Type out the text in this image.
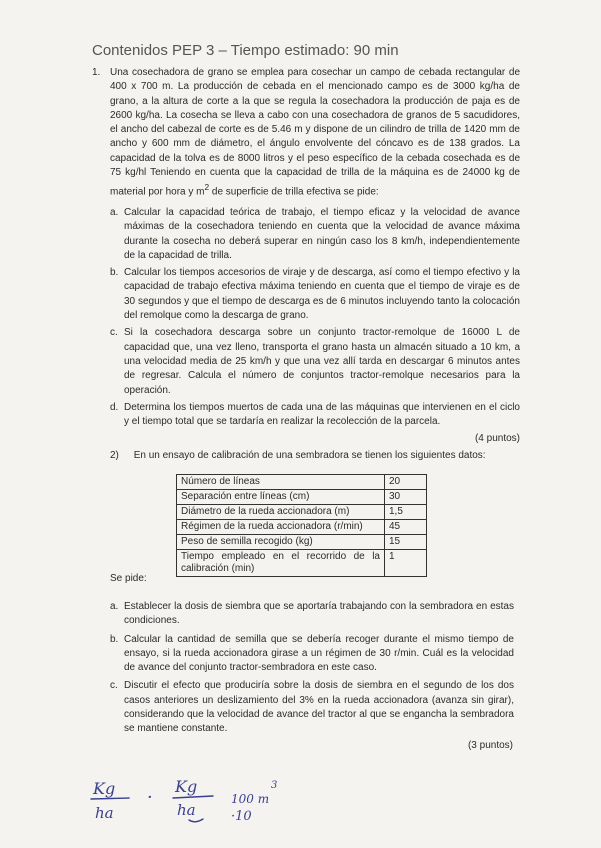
Contenidos PEP 3 – Tiempo estimado: 90 min
1. Una cosechadora de grano se emplea para cosechar un campo de cebada rectangular de 400 x 700 m. La producción de cebada en el mencionado campo es de 3000 kg/ha de grano, a la altura de corte a la que se regula la cosechadora la producción de paja es de 2600 kg/ha. La cosecha se lleva a cabo con una cosechadora de granos de 5 sacudidores, el ancho del cabezal de corte es de 5.46 m y dispone de un cilindro de trilla de 1420 mm de ancho y 600 mm de diámetro, el ángulo envolvente del cóncavo es de 138 grados. La capacidad de la tolva es de 8000 litros y el peso específico de la cebada cosechada es de 75 kg/hl Teniendo en cuenta que la capacidad de trilla de la máquina es de 24000 kg de material por hora y $m^2$ de superficie de trilla efectiva se pide:
a. Calcular la capacidad teórica de trabajo, el tiempo eficaz y la velocidad de avance máximas de la cosechadora teniendo en cuenta que la velocidad de avance máxima durante la cosecha no deberá superar en ningún caso los 8 km/h, independientemente de la capacidad de trilla.
b. Calcular los tiempos accesorios de viraje y de descarga, así como el tiempo efectivo y la capacidad de trabajo efectiva máxima teniendo en cuenta que el tiempo de viraje es de 30 segundos y que el tiempo de descarga es de 6 minutos incluyendo tanto la colocación del remolque como la descarga de grano.
c. Si la cosechadora descarga sobre un conjunto tractor-remolque de 16000 L de capacidad que, una vez lleno, transporta el grano hasta un almacén situado a 10 km, a una velocidad media de 25 km/h y que una vez allí tarda en descargar 6 minutos antes de regresar. Calcula el número de conjuntos tractor-remolque necesarios para la operación.
d. Determina los tiempos muertos de cada una de las máquinas que intervienen en el ciclo y el tiempo total que se tardaría en realizar la recolección de la parcela.
(4 puntos)
2) En un ensayo de calibración de una sembradora se tienen los siguientes datos:
Número de líneas	20
Separación entre líneas (cm)	30
Diámetro de la rueda accionadora (m)	1,5
Régimen de la rueda accionadora (r/min)	45
Peso de semilla recogido (kg)	15
Tiempo empleado en el recorrido de la calibración (min)	1
Se pide:
a. Establecer la dosis de siembra que se aportaría trabajando con la sembradora en estas condiciones.
b. Calcular la cantidad de semilla que se debería recoger durante el mismo tiempo de ensayo, si la rueda accionadora girase a un régimen de 30 r/min. Cuál es la velocidad de avance del conjunto tractor-sembradora en este caso.
c. Discutir el efecto que produciría sobre la dosis de siembra en el segundo de los dos casos anteriores un deslizamiento del 3% en la rueda accionadora (avanza sin girar), considerando que la velocidad de avance del tractor al que se engancha la sembradora se mantiene constante.
(3 puntos)
Kg
ha
·
Kg
ha
100 m
3
·10
